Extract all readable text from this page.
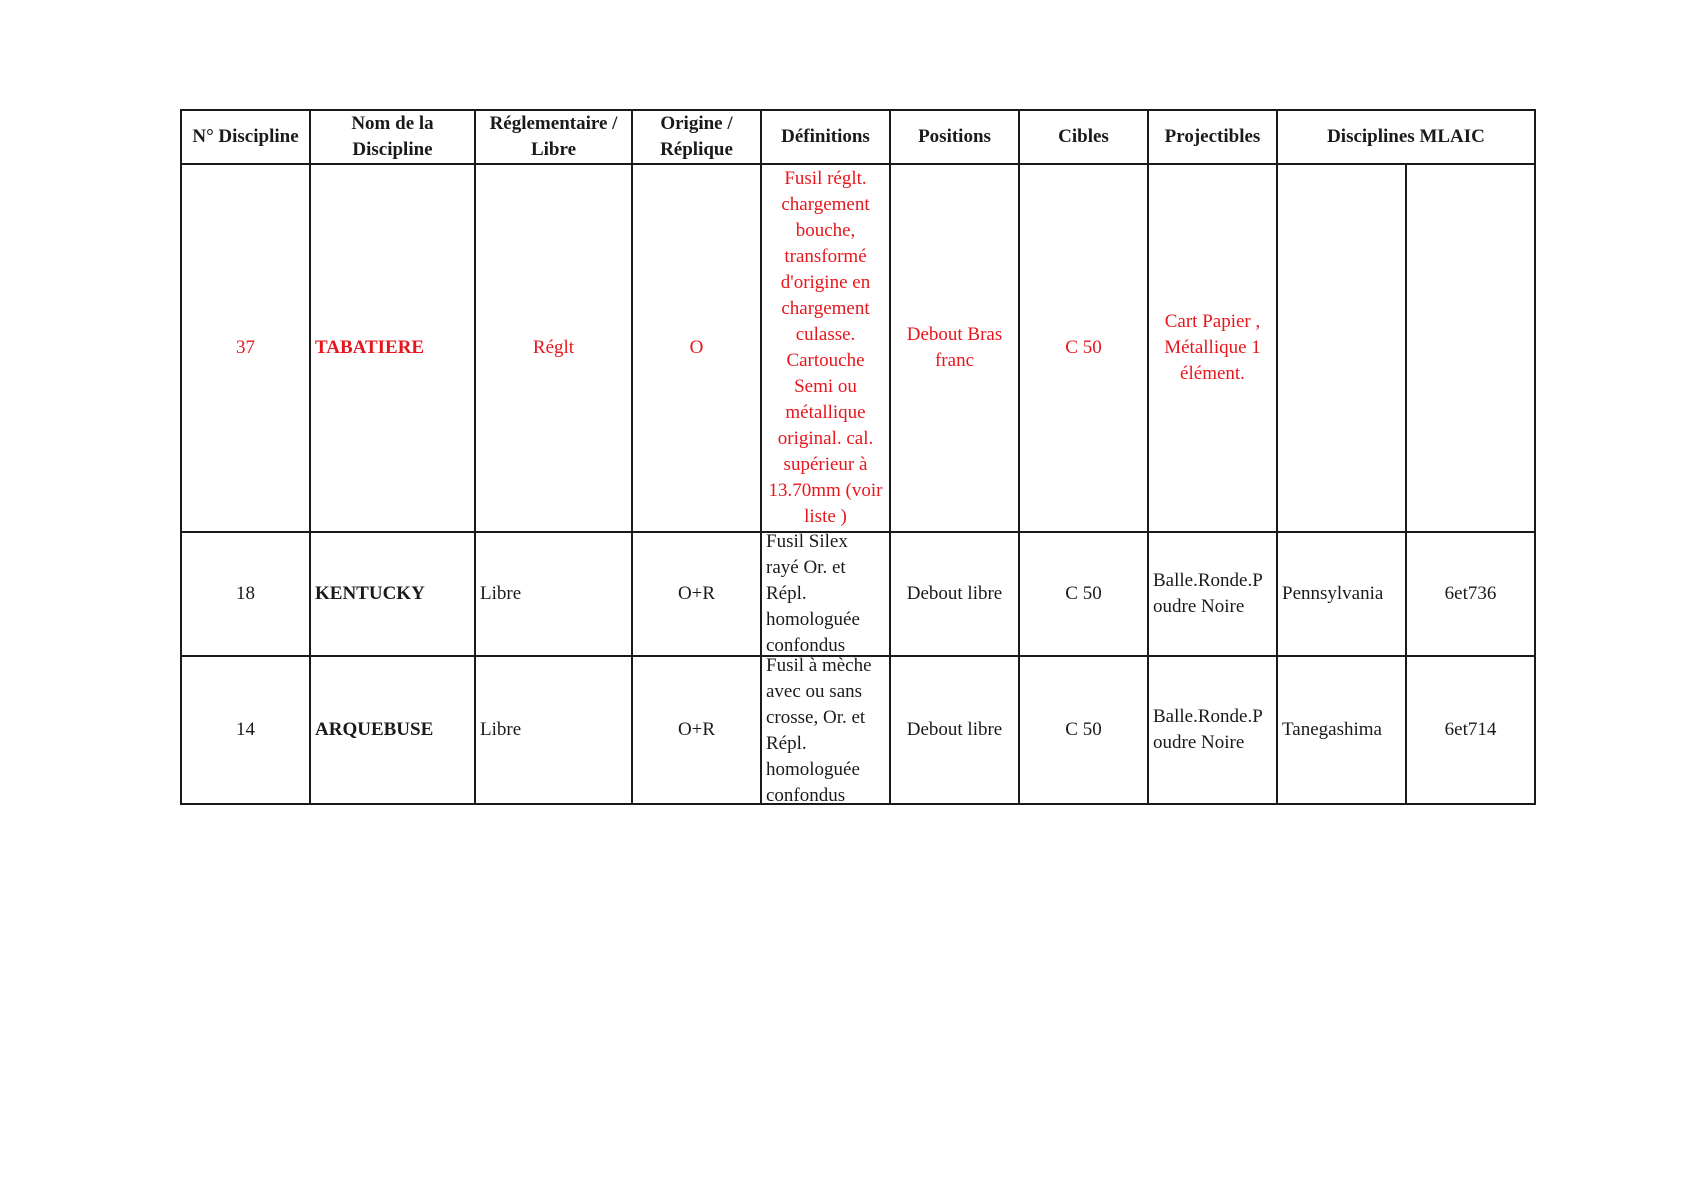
N° Discipline	Nom de la Discipline	Réglementaire / Libre	Origine / Réplique	Définitions	Positions	Cibles	Projectibles	Disciplines MLAIC	
37	TABATIERE	Réglt	O	Fusil réglt. chargement bouche, transformé d'origine en chargement culasse. Cartouche Semi ou métallique original. cal. supérieur à 13.70mm (voir liste )	Debout Bras franc	C 50	Cart Papier , Métallique 1 élément.		
18	KENTUCKY	Libre	O+R	Fusil Silex rayé Or. et Répl. homologuée confondus	Debout libre	C 50	Balle.Ronde.Poudre Noire	Pennsylvania	6et736
14	ARQUEBUSE	Libre	O+R	Fusil à mèche avec ou sans crosse, Or. et Répl. homologuée confondus	Debout libre	C 50	Balle.Ronde.Poudre Noire	Tanegashima	6et714
